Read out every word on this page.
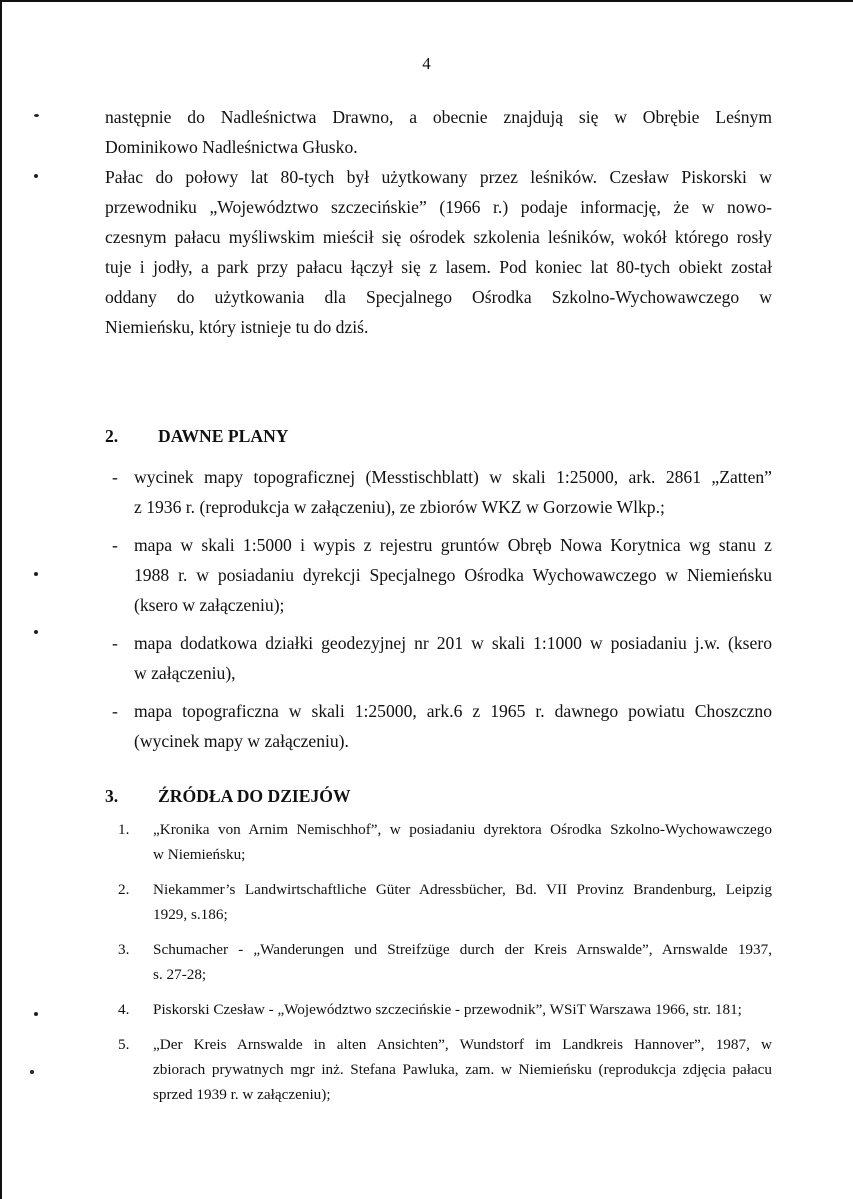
4
następnie do Nadleśnictwa Drawno, a obecnie znajdują się w Obrębie Leśnym
Dominikowo Nadleśnictwa Głusko.
Pałac do połowy lat 80-tych był użytkowany przez leśników. Czesław Piskorski w
przewodniku „Województwo szczecińskie” (1966 r.) podaje informację, że w nowo-
czesnym pałacu myśliwskim mieścił się ośrodek szkolenia leśników, wokół którego rosły
tuje i jodły, a park przy pałacu łączył się z lasem. Pod koniec lat 80-tych obiekt został
oddany do użytkowania dla Specjalnego Ośrodka Szkolno-Wychowawczego w
Niemieńsku, który istnieje tu do dziś.
2. DAWNE PLANY
- wycinek mapy topograficznej (Messtischblatt) w skali 1:25000, ark. 2861 „Zatten”
z 1936 r. (reprodukcja w załączeniu), ze zbiorów WKZ w Gorzowie Wlkp.;
- mapa w skali 1:5000 i wypis z rejestru gruntów Obręb Nowa Korytnica wg stanu z
1988 r. w posiadaniu dyrekcji Specjalnego Ośrodka Wychowawczego w Niemieńsku
(ksero w załączeniu);
- mapa dodatkowa działki geodezyjnej nr 201 w skali 1:1000 w posiadaniu j.w. (ksero
w załączeniu),
- mapa topograficzna w skali 1:25000, ark.6 z 1965 r. dawnego powiatu Choszczno
(wycinek mapy w załączeniu).
3. ŹRÓDŁA DO DZIEJÓW
1. „Kronika von Arnim Nemischhof”, w posiadaniu dyrektora Ośrodka Szkolno-Wychowawczego
w Niemieńsku;
2. Niekammer’s Landwirtschaftliche Güter Adressbücher, Bd. VII Provinz Brandenburg, Leipzig
1929, s.186;
3. Schumacher - „Wanderungen und Streifzüge durch der Kreis Arnswalde”, Arnswalde 1937,
s. 27-28;
4. Piskorski Czesław - „Województwo szczecińskie - przewodnik”, WSiT Warszawa 1966, str. 181;
5. „Der Kreis Arnswalde in alten Ansichten”, Wundstorf im Landkreis Hannover”, 1987, w
zbiorach prywatnych mgr inż. Stefana Pawluka, zam. w Niemieńsku (reprodukcja zdjęcia pałacu
sprzed 1939 r. w załączeniu);
